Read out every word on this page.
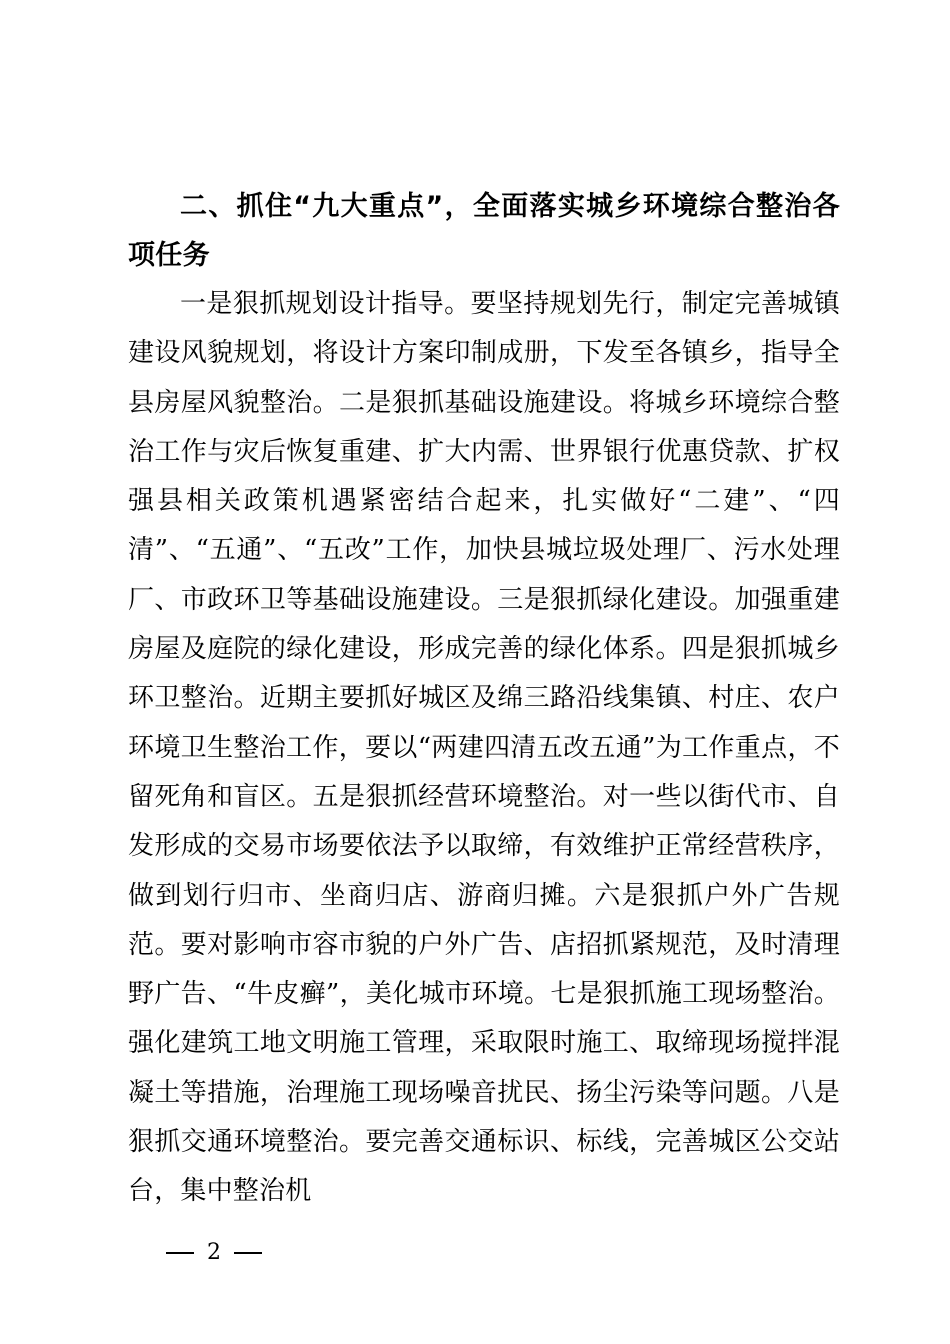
二、抓住“九大重点”，全面落实城乡环境综合整治各项任务
一是狠抓规划设计指导。要坚持规划先行，制定完善城镇建设风貌规划，将设计方案印制成册，下发至各镇乡，指导全县房屋风貌整治。二是狠抓基础设施建设。将城乡环境综合整治工作与灾后恢复重建、扩大内需、世界银行优惠贷款、扩权强县相关政策机遇紧密结合起来，扎实做好“二建”、“四清”、“五通”、“五改”工作，加快县城垃圾处理厂、污水处理厂、市政环卫等基础设施建设。三是狠抓绿化建设。加强重建房屋及庭院的绿化建设，形成完善的绿化体系。四是狠抓城乡环卫整治。近期主要抓好城区及绵三路沿线集镇、村庄、农户环境卫生整治工作，要以“两建四清五改五通”为工作重点，不留死角和盲区。五是狠抓经营环境整治。对一些以街代市、自发形成的交易市场要依法予以取缔，有效维护正常经营秩序，做到划行归市、坐商归店、游商归摊。六是狠抓户外广告规范。要对影响市容市貌的户外广告、店招抓紧规范，及时清理野广告、“牛皮癣”，美化城市环境。七是狠抓施工现场整治。强化建筑工地文明施工管理，采取限时施工、取缔现场搅拌混凝土等措施，治理施工现场噪音扰民、扬尘污染等问题。八是狠抓交通环境整治。要完善交通标识、标线，完善城区公交站台，集中整治机
2
